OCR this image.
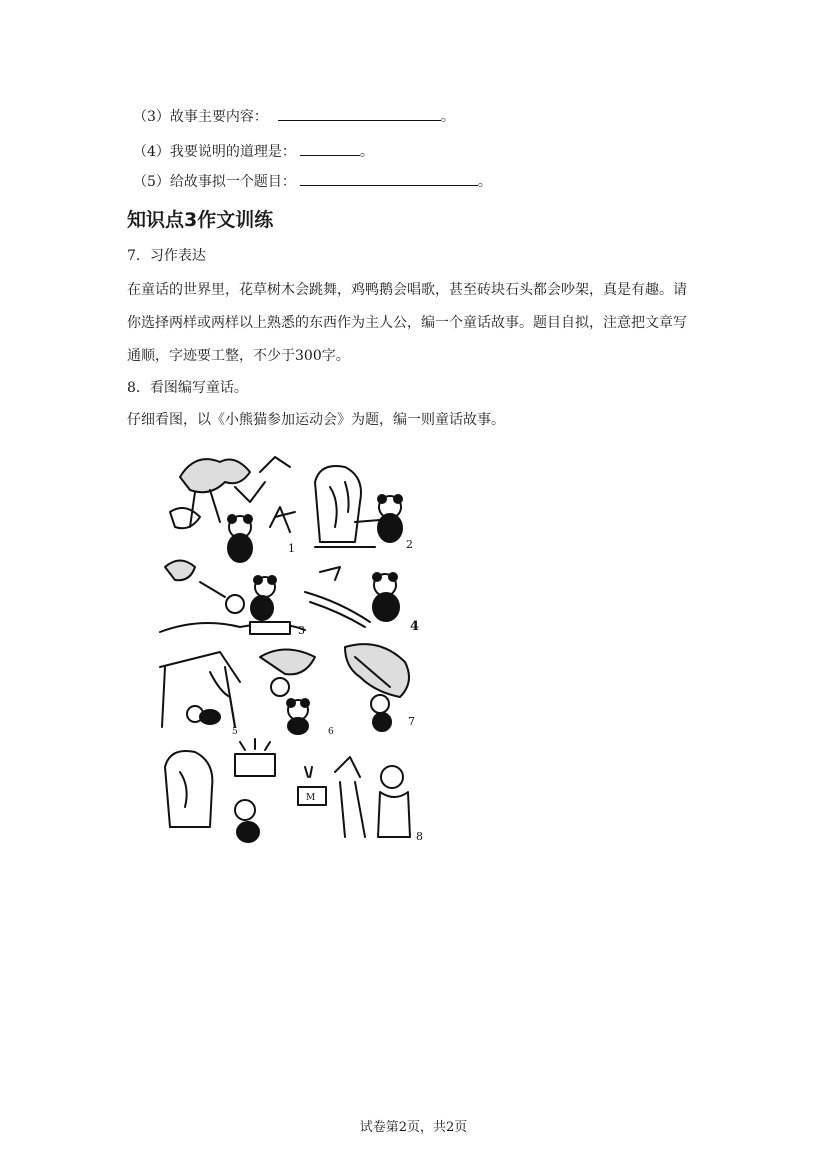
（3）故事主要内容：	。
（4）我要说明的道理是：	。
（5）给故事拟一个题目：	。
知识点3作文训练
7．习作表达
在童话的世界里，花草树木会跳舞，鸡鸭鹅会唱歌，甚至砖块石头都会吵架，真是有趣。请你选择两样或两样以上熟悉的东西作为主人公，编一个童话故事。题目自拟，注意把文章写通顺，字迹要工整，不少于300字。
8．看图编写童话。
仔细看图，以《小熊猫参加运动会》为题，编一则童话故事。
1	2
3	4
5	6
7
8
M
试卷第2页，共2页
